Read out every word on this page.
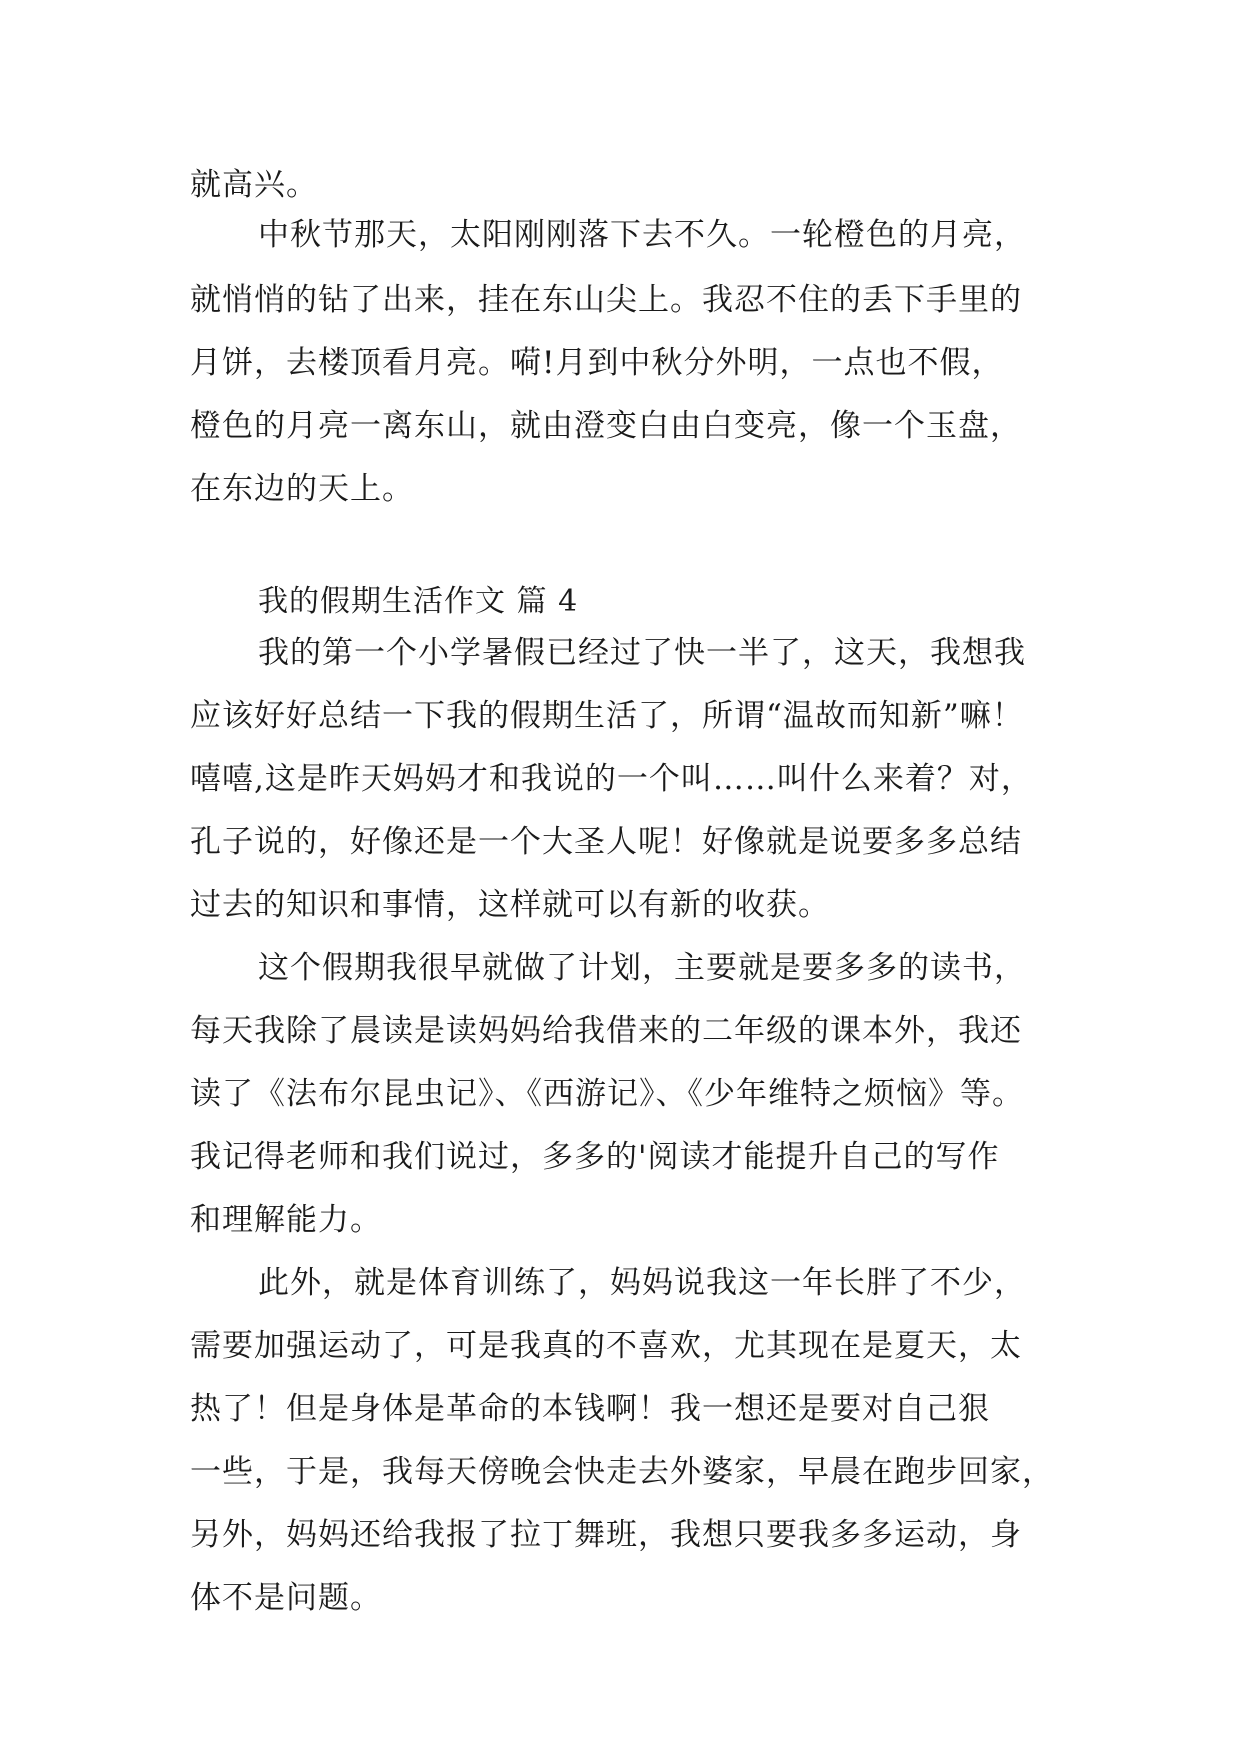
就高兴。
中秋节那天，太阳刚刚落下去不久。一轮橙色的月亮，
就悄悄的钻了出来，挂在东山尖上。我忍不住的丢下手里的
月饼，去楼顶看月亮。嗬!月到中秋分外明，一点也不假，
橙色的月亮一离东山，就由澄变白由白变亮，像一个玉盘，
在东边的天上。
我的假期生活作文 篇 4
我的第一个小学暑假已经过了快一半了，这天，我想我
应该好好总结一下我的假期生活了，所谓“温故而知新”嘛！
嘻嘻,这是昨天妈妈才和我说的一个叫……叫什么来着？对，
孔子说的，好像还是一个大圣人呢！好像就是说要多多总结
过去的知识和事情，这样就可以有新的收获。
这个假期我很早就做了计划，主要就是要多多的读书，
每天我除了晨读是读妈妈给我借来的二年级的课本外，我还
读了《法布尔昆虫记》、《西游记》、《少年维特之烦恼》等。
我记得老师和我们说过，多多的'阅读才能提升自己的写作
和理解能力。
此外，就是体育训练了，妈妈说我这一年长胖了不少，
需要加强运动了，可是我真的不喜欢，尤其现在是夏天，太
热了！但是身体是革命的本钱啊！我一想还是要对自己狠
一些，于是，我每天傍晚会快走去外婆家，早晨在跑步回家，
另外，妈妈还给我报了拉丁舞班，我想只要我多多运动，身
体不是问题。
